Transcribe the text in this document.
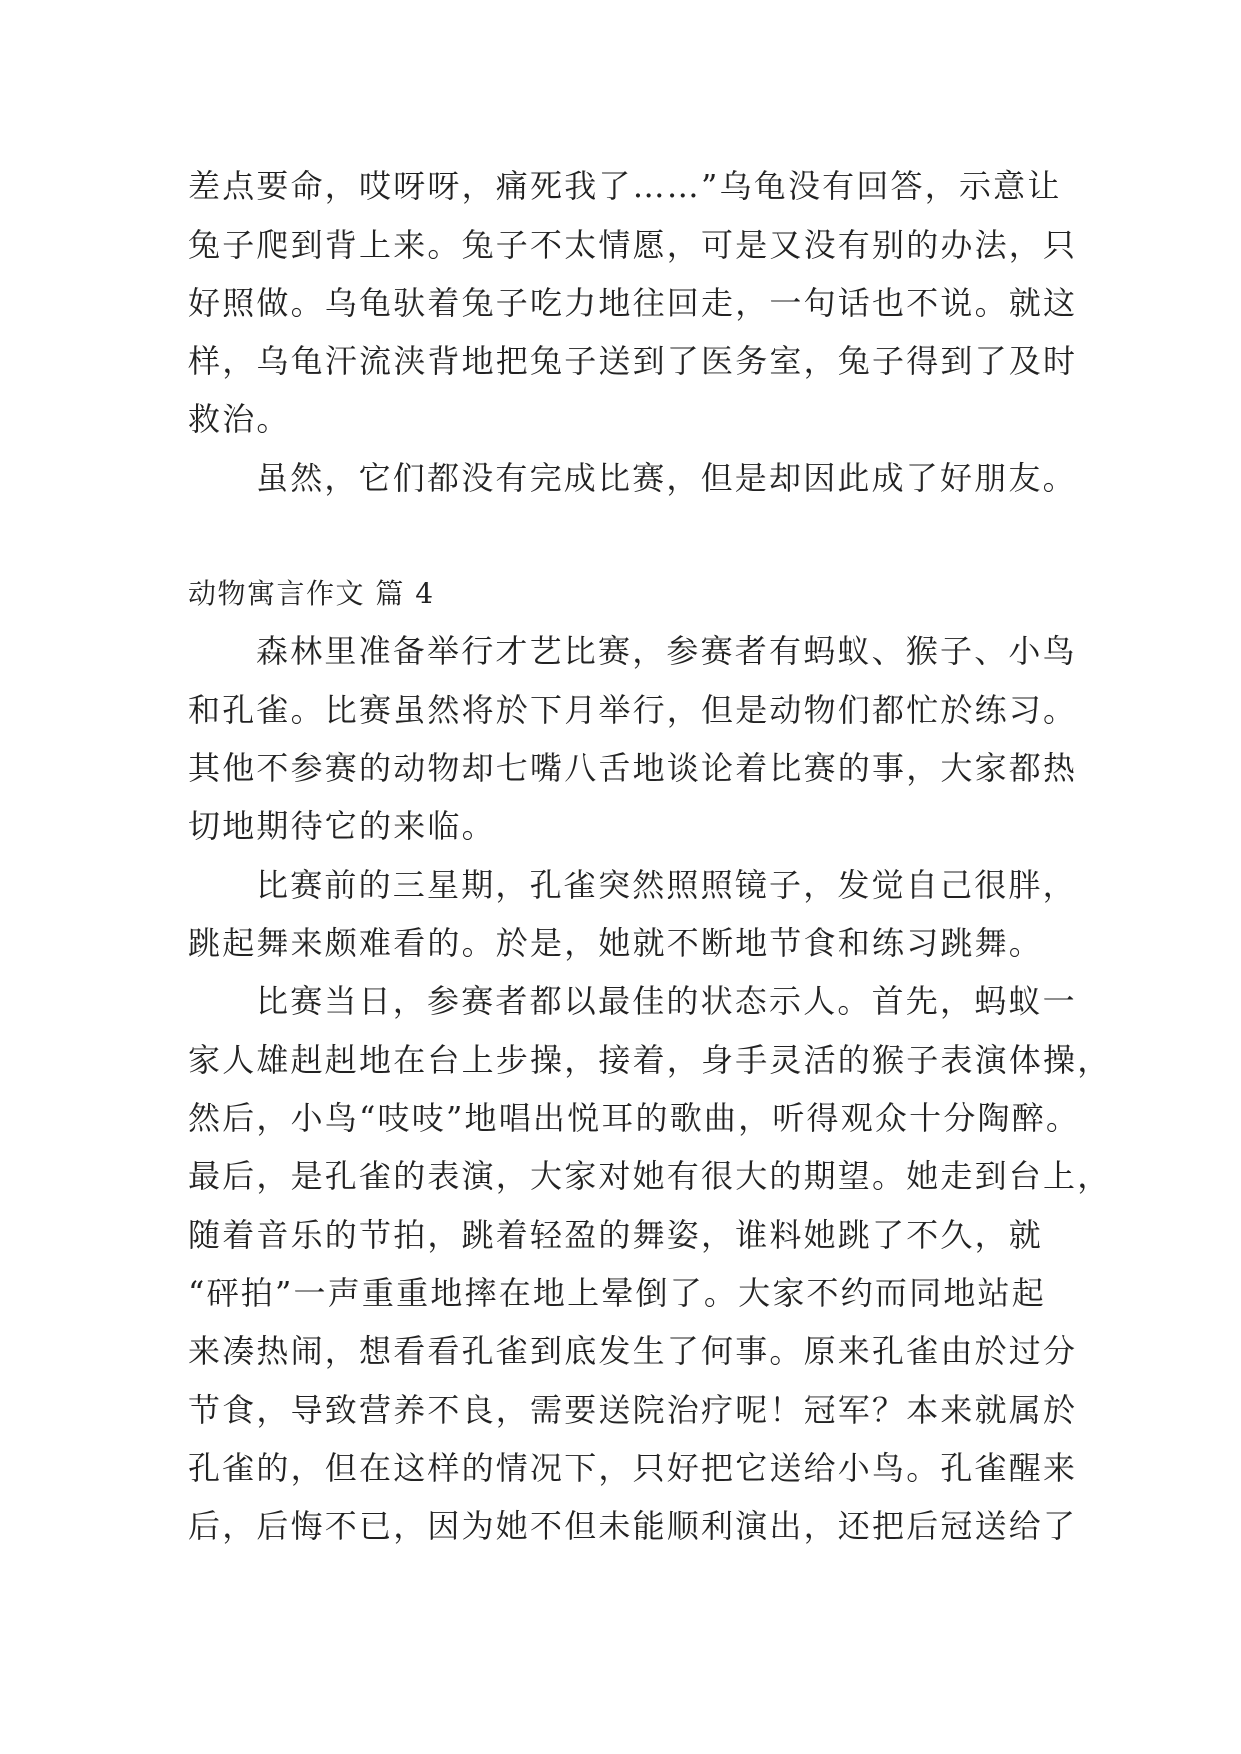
差点要命，哎呀呀，痛死我了……”乌龟没有回答，示意让
兔子爬到背上来。兔子不太情愿，可是又没有别的办法，只
好照做。乌龟驮着兔子吃力地往回走，一句话也不说。就这
样，乌龟汗流浃背地把兔子送到了医务室，兔子得到了及时
救治。
虽然，它们都没有完成比赛，但是却因此成了好朋友。
动物寓言作文 篇 4
森林里准备举行才艺比赛，参赛者有蚂蚁、猴子、小鸟
和孔雀。比赛虽然将於下月举行，但是动物们都忙於练习。
其他不参赛的动物却七嘴八舌地谈论着比赛的事，大家都热
切地期待它的来临。
比赛前的三星期，孔雀突然照照镜子，发觉自己很胖，
跳起舞来颇难看的。於是，她就不断地节食和练习跳舞。
比赛当日，参赛者都以最佳的状态示人。首先，蚂蚁一
家人雄赳赳地在台上步操，接着，身手灵活的猴子表演体操，
然后，小鸟“吱吱”地唱出悦耳的歌曲，听得观众十分陶醉。
最后，是孔雀的表演，大家对她有很大的期望。她走到台上，
随着音乐的节拍，跳着轻盈的舞姿，谁料她跳了不久，就
“砰拍”一声重重地摔在地上晕倒了。大家不约而同地站起
来凑热闹，想看看孔雀到底发生了何事。原来孔雀由於过分
节食，导致营养不良，需要送院治疗呢！冠军？本来就属於
孔雀的，但在这样的情况下，只好把它送给小鸟。孔雀醒来
后，后悔不已，因为她不但未能顺利演出，还把后冠送给了
